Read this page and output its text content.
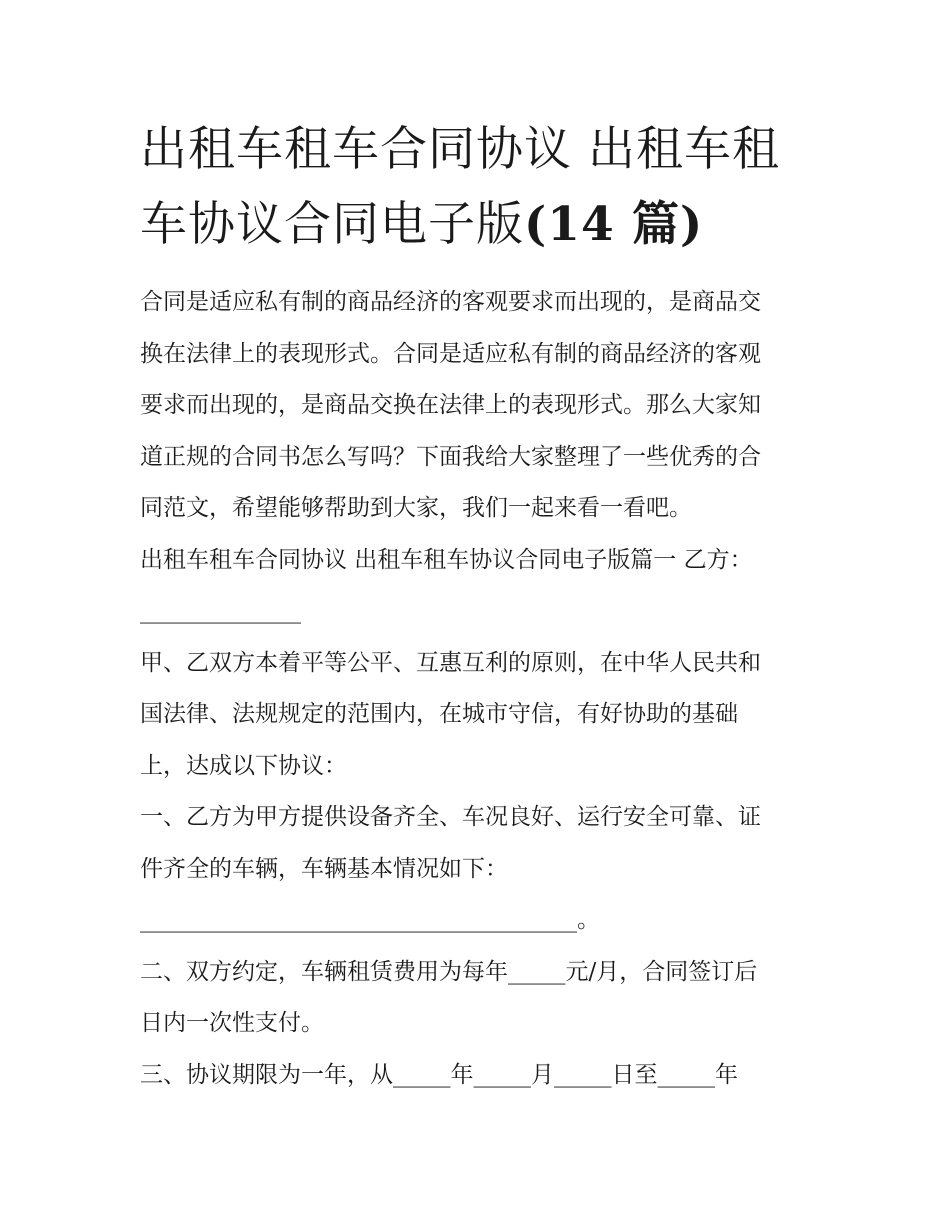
出租车租车合同协议 出租车租
车协议合同电子版(14 篇)
合同是适应私有制的商品经济的客观要求而出现的，是商品交
换在法律上的表现形式。合同是适应私有制的商品经济的客观
要求而出现的，是商品交换在法律上的表现形式。那么大家知
道正规的合同书怎么写吗？下面我给大家整理了一些优秀的合
同范文，希望能够帮助到大家，我们一起来看一看吧。
出租车租车合同协议 出租车租车协议合同电子版篇一 乙方：
______________
甲、乙双方本着平等公平、互惠互利的原则，在中华人民共和
国法律、法规规定的范围内，在城市守信，有好协助的基础
上，达成以下协议：
一、乙方为甲方提供设备齐全、车况良好、运行安全可靠、证
件齐全的车辆，车辆基本情况如下：
______________________________________。
二、双方约定，车辆租赁费用为每年_____元/月，合同签订后
日内一次性支付。
三、协议期限为一年，从_____年_____月_____日至_____年
